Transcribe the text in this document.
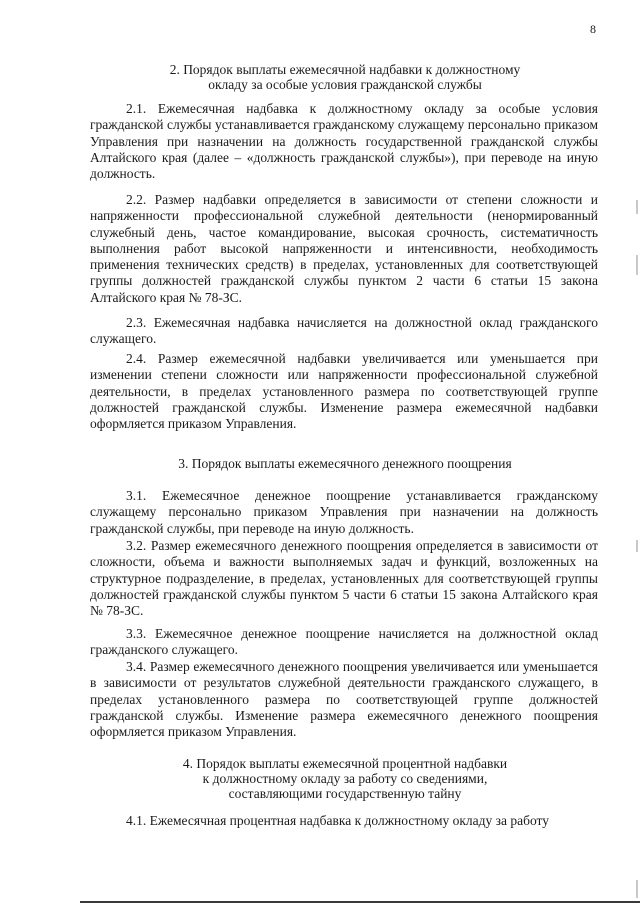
8
2. Порядок выплаты ежемесячной надбавки к должностному
окладу за особые условия гражданской службы
2.1. Ежемесячная надбавка к должностному окладу за особые условия гражданской службы устанавливается гражданскому служащему персонально приказом Управления при назначении на должность государственной гражданской службы Алтайского края (далее – «должность гражданской службы»), при переводе на иную должность.
2.2. Размер надбавки определяется в зависимости от степени сложности и напряженности профессиональной служебной деятельности (ненормированный служебный день, частое командирование, высокая срочность, систематичность выполнения работ высокой напряженности и интенсивности, необходимость применения технических средств) в пределах, установленных для соответствующей группы должностей гражданской службы пунктом 2 части 6 статьи 15 закона Алтайского края № 78-ЗС.
2.3. Ежемесячная надбавка начисляется на должностной оклад гражданского служащего.
2.4. Размер ежемесячной надбавки увеличивается или уменьшается при изменении степени сложности или напряженности профессиональной служебной деятельности, в пределах установленного размера по соответствующей группе должностей гражданской службы. Изменение размера ежемесячной надбавки оформляется приказом Управления.
3. Порядок выплаты ежемесячного денежного поощрения
3.1. Ежемесячное денежное поощрение устанавливается гражданскому служащему персонально приказом Управления при назначении на должность гражданской службы, при переводе на иную должность.
3.2. Размер ежемесячного денежного поощрения определяется в зависимости от сложности, объема и важности выполняемых задач и функций, возложенных на структурное подразделение, в пределах, установленных для соответствующей группы должностей гражданской службы пунктом 5 части 6 статьи 15 закона Алтайского края № 78-ЗС.
3.3. Ежемесячное денежное поощрение начисляется на должностной оклад гражданского служащего.
3.4. Размер ежемесячного денежного поощрения увеличивается или уменьшается в зависимости от результатов служебной деятельности гражданского служащего, в пределах установленного размера по соответствующей группе должностей гражданской службы. Изменение размера ежемесячного денежного поощрения оформляется приказом Управления.
4. Порядок выплаты ежемесячной процентной надбавки
к должностному окладу за работу со сведениями,
составляющими государственную тайну
4.1. Ежемесячная процентная надбавка к должностному окладу за работу
